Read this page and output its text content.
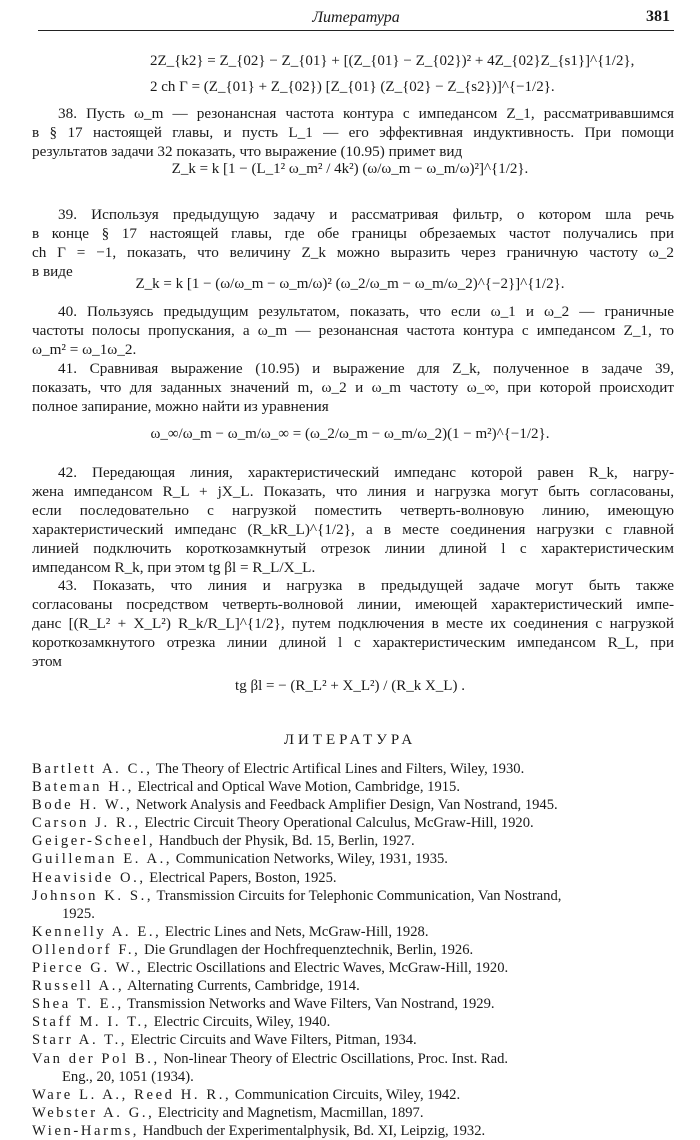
Литература	381
2Z_{k2} = Z_{02} − Z_{01} + [(Z_{01} − Z_{02})² + 4Z_{02}Z_{s1}]^{1/2},
2 ch Γ = (Z_{01} + Z_{02}) [Z_{01} (Z_{02} − Z_{s2})]^{−1/2}.
38. Пусть ω_m — резонансная частота контура с импедансом Z_1, рассматривавшимся
в § 17 настоящей главы, и пусть L_1 — его эффективная индуктивность. При помощи
результатов задачи 32 показать, что выражение (10.95) примет вид
Z_k = k [1 − (L_1² ω_m² / 4k²) (ω/ω_m − ω_m/ω)²]^{1/2}.
39. Используя предыдущую задачу и рассматривая фильтр, о котором шла речь
в конце § 17 настоящей главы, где обе границы обрезаемых частот получались при
ch Γ = −1, показать, что величину Z_k можно выразить через граничную частоту ω_2
в виде
Z_k = k [1 − (ω/ω_m − ω_m/ω)² (ω_2/ω_m − ω_m/ω_2)^{−2}]^{1/2}.
40. Пользуясь предыдущим результатом, показать, что если ω_1 и ω_2 — граничные
частоты полосы пропускания, а ω_m — резонансная частота контура с импедансом Z_1, то
ω_m² = ω_1ω_2.
41. Сравнивая выражение (10.95) и выражение для Z_k, полученное в задаче 39,
показать, что для заданных значений m, ω_2 и ω_m частоту ω_∞, при которой происходит
полное запирание, можно найти из уравнения
ω_∞/ω_m − ω_m/ω_∞ = (ω_2/ω_m − ω_m/ω_2)(1 − m²)^{−1/2}.
42. Передающая линия, характеристический импеданс которой равен R_k, нагру-
жена импедансом R_L + jX_L. Показать, что линия и нагрузка могут быть согласованы,
если последовательно с нагрузкой поместить четверть-волновую линию, имеющую
характеристический импеданс (R_kR_L)^{1/2}, а в месте соединения нагрузки с главной
линией подключить короткозамкнутый отрезок линии длиной l с характеристическим
импедансом R_k, при этом tg βl = R_L/X_L.
43. Показать, что линия и нагрузка в предыдущей задаче могут быть также
согласованы посредством четверть-волновой линии, имеющей характеристический импе-
данс [(R_L² + X_L²) R_k/R_L]^{1/2}, путем подключения в месте их соединения с нагрузкой
короткозамкнутого отрезка линии длиной l с характеристическим импедансом R_L, при
этом
tg βl = − (R_L² + X_L²) / (R_k X_L) .
ЛИТЕРАТУРА
Bartlett A. C., The Theory of Electric Artifical Lines and Filters, Wiley, 1930.
Bateman H., Electrical and Optical Wave Motion, Cambridge, 1915.
Bode H. W., Network Analysis and Feedback Amplifier Design, Van Nostrand, 1945.
Carson J. R., Electric Circuit Theory Operational Calculus, McGraw-Hill, 1920.
Geiger-Scheel, Handbuch der Physik, Bd. 15, Berlin, 1927.
Guilleman E. A., Communication Networks, Wiley, 1931, 1935.
Heaviside O., Electrical Papers, Boston, 1925.
Johnson K. S., Transmission Circuits for Telephonic Communication, Van Nostrand,
1925.
Kennelly A. E., Electric Lines and Nets, McGraw-Hill, 1928.
Ollendorf F., Die Grundlagen der Hochfrequenztechnik, Berlin, 1926.
Pierce G. W., Electric Oscillations and Electric Waves, McGraw-Hill, 1920.
Russell A., Alternating Currents, Cambridge, 1914.
Shea T. E., Transmission Networks and Wave Filters, Van Nostrand, 1929.
Staff M. I. T., Electric Circuits, Wiley, 1940.
Starr A. T., Electric Circuits and Wave Filters, Pitman, 1934.
Van der Pol B., Non-linear Theory of Electric Oscillations, Proc. Inst. Rad.
Eng., 20, 1051 (1934).
Ware L. A., Reed H. R., Communication Circuits, Wiley, 1942.
Webster A. G., Electricity and Magnetism, Macmillan, 1897.
Wien-Harms, Handbuch der Experimentalphysik, Bd. XI, Leipzig, 1932.
